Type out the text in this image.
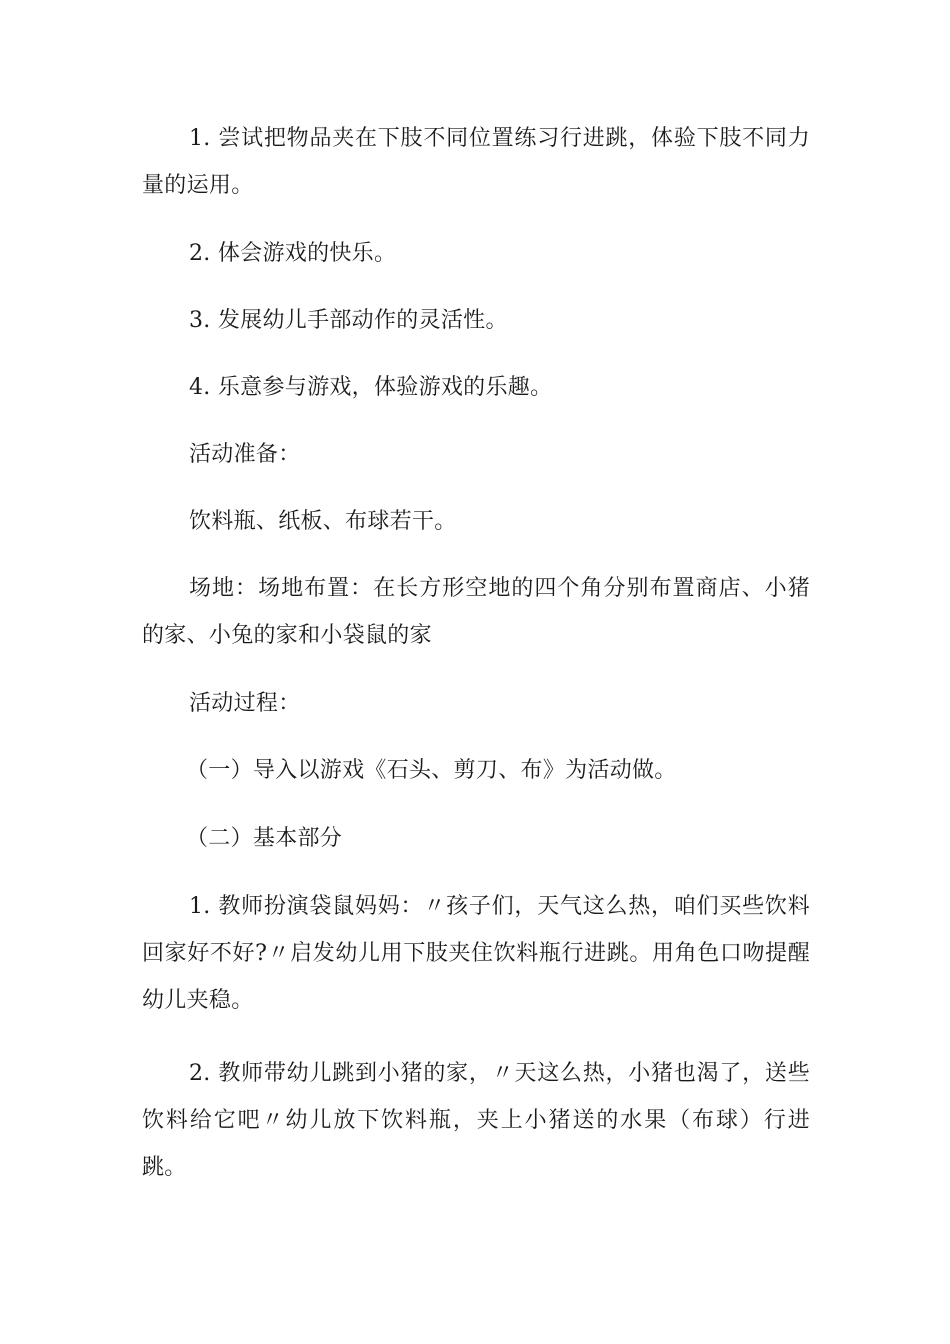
1. 尝试把物品夹在下肢不同位置练习行进跳，体验下肢不同力量的运用。

2. 体会游戏的快乐。

3. 发展幼儿手部动作的灵活性。

4. 乐意参与游戏，体验游戏的乐趣。

活动准备：

饮料瓶、纸板、布球若干。

场地：场地布置：在长方形空地的四个角分别布置商店、小猪的家、小兔的家和小袋鼠的家

活动过程：

（一）导入以游戏《石头、剪刀、布》为活动做。

（二）基本部分

1. 教师扮演袋鼠妈妈：〃孩子们，天气这么热，咱们买些饮料回家好不好?〃启发幼儿用下肢夹住饮料瓶行进跳。用角色口吻提醒幼儿夹稳。

2. 教师带幼儿跳到小猪的家，〃天这么热，小猪也渴了，送些饮料给它吧〃幼儿放下饮料瓶，夹上小猪送的水果（布球）行进跳。
